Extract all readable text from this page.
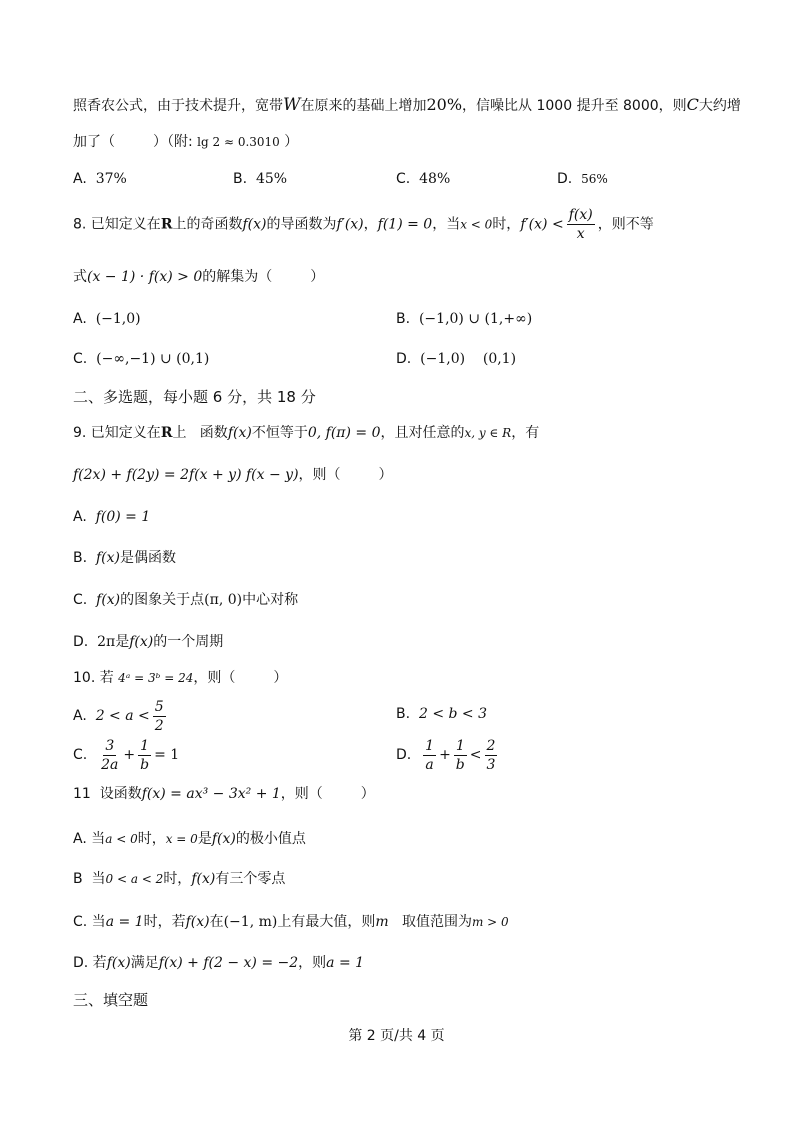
照香农公式，由于技术提升，宽带W在原来的基础上增加20%，信噪比从 1000 提升至 8000，则C大约增
加了（	）（附: lg 2 ≈ 0.3010 ）
A. 37%	B. 45%	C. 48%	D. 56%
8. 已知定义在R上的奇函数f(x)的导函数为f′(x)，f(1) = 0，当x < 0时，$f'(x) < \frac{f(x)}{x}$ ，则不等
式(x − 1) · f(x) > 0的解集为（	）
A. (−1,0)	B. (−1,0) ∪ (1,+∞)
C. (−∞,−1) ∪ (0,1)	D. (−1,0)    (0,1)
二、多选题，每小题 6 分，共 18 分
9. 已知定义在R上   函数f(x)不恒等于0, f(π) = 0，且对任意的x, y ∈ R，有
f(2x) + f(2y) = 2f(x + y) f(x − y)，则（	）
A. f(0) = 1
B. f(x)是偶函数
C. f(x)的图象关于点(π, 0)中心对称
D. 2π是f(x)的一个周期
10. 若 4ᵃ = 3ᵇ = 24，则（	）
A. $2 < a < \frac{5}{2}$	B. 2 < b < 3
C. $\frac{3}{2a} + \frac{1}{b} = 1$	D. $\frac{1}{a} + \frac{1}{b} < \frac{2}{3}$
11  设函数f(x) = ax³ − 3x² + 1，则（	）
A. 当a < 0时，x = 0是f(x)的极小值点
B  当0 < a < 2时，f(x)有三个零点
C. 当a = 1时，若f(x)在(−1, m)上有最大值，则m   取值范围为m > 0
D. 若f(x)满足f(x) + f(2 − x) = −2，则a = 1
三、填空题
第 2 页/共 4 页
